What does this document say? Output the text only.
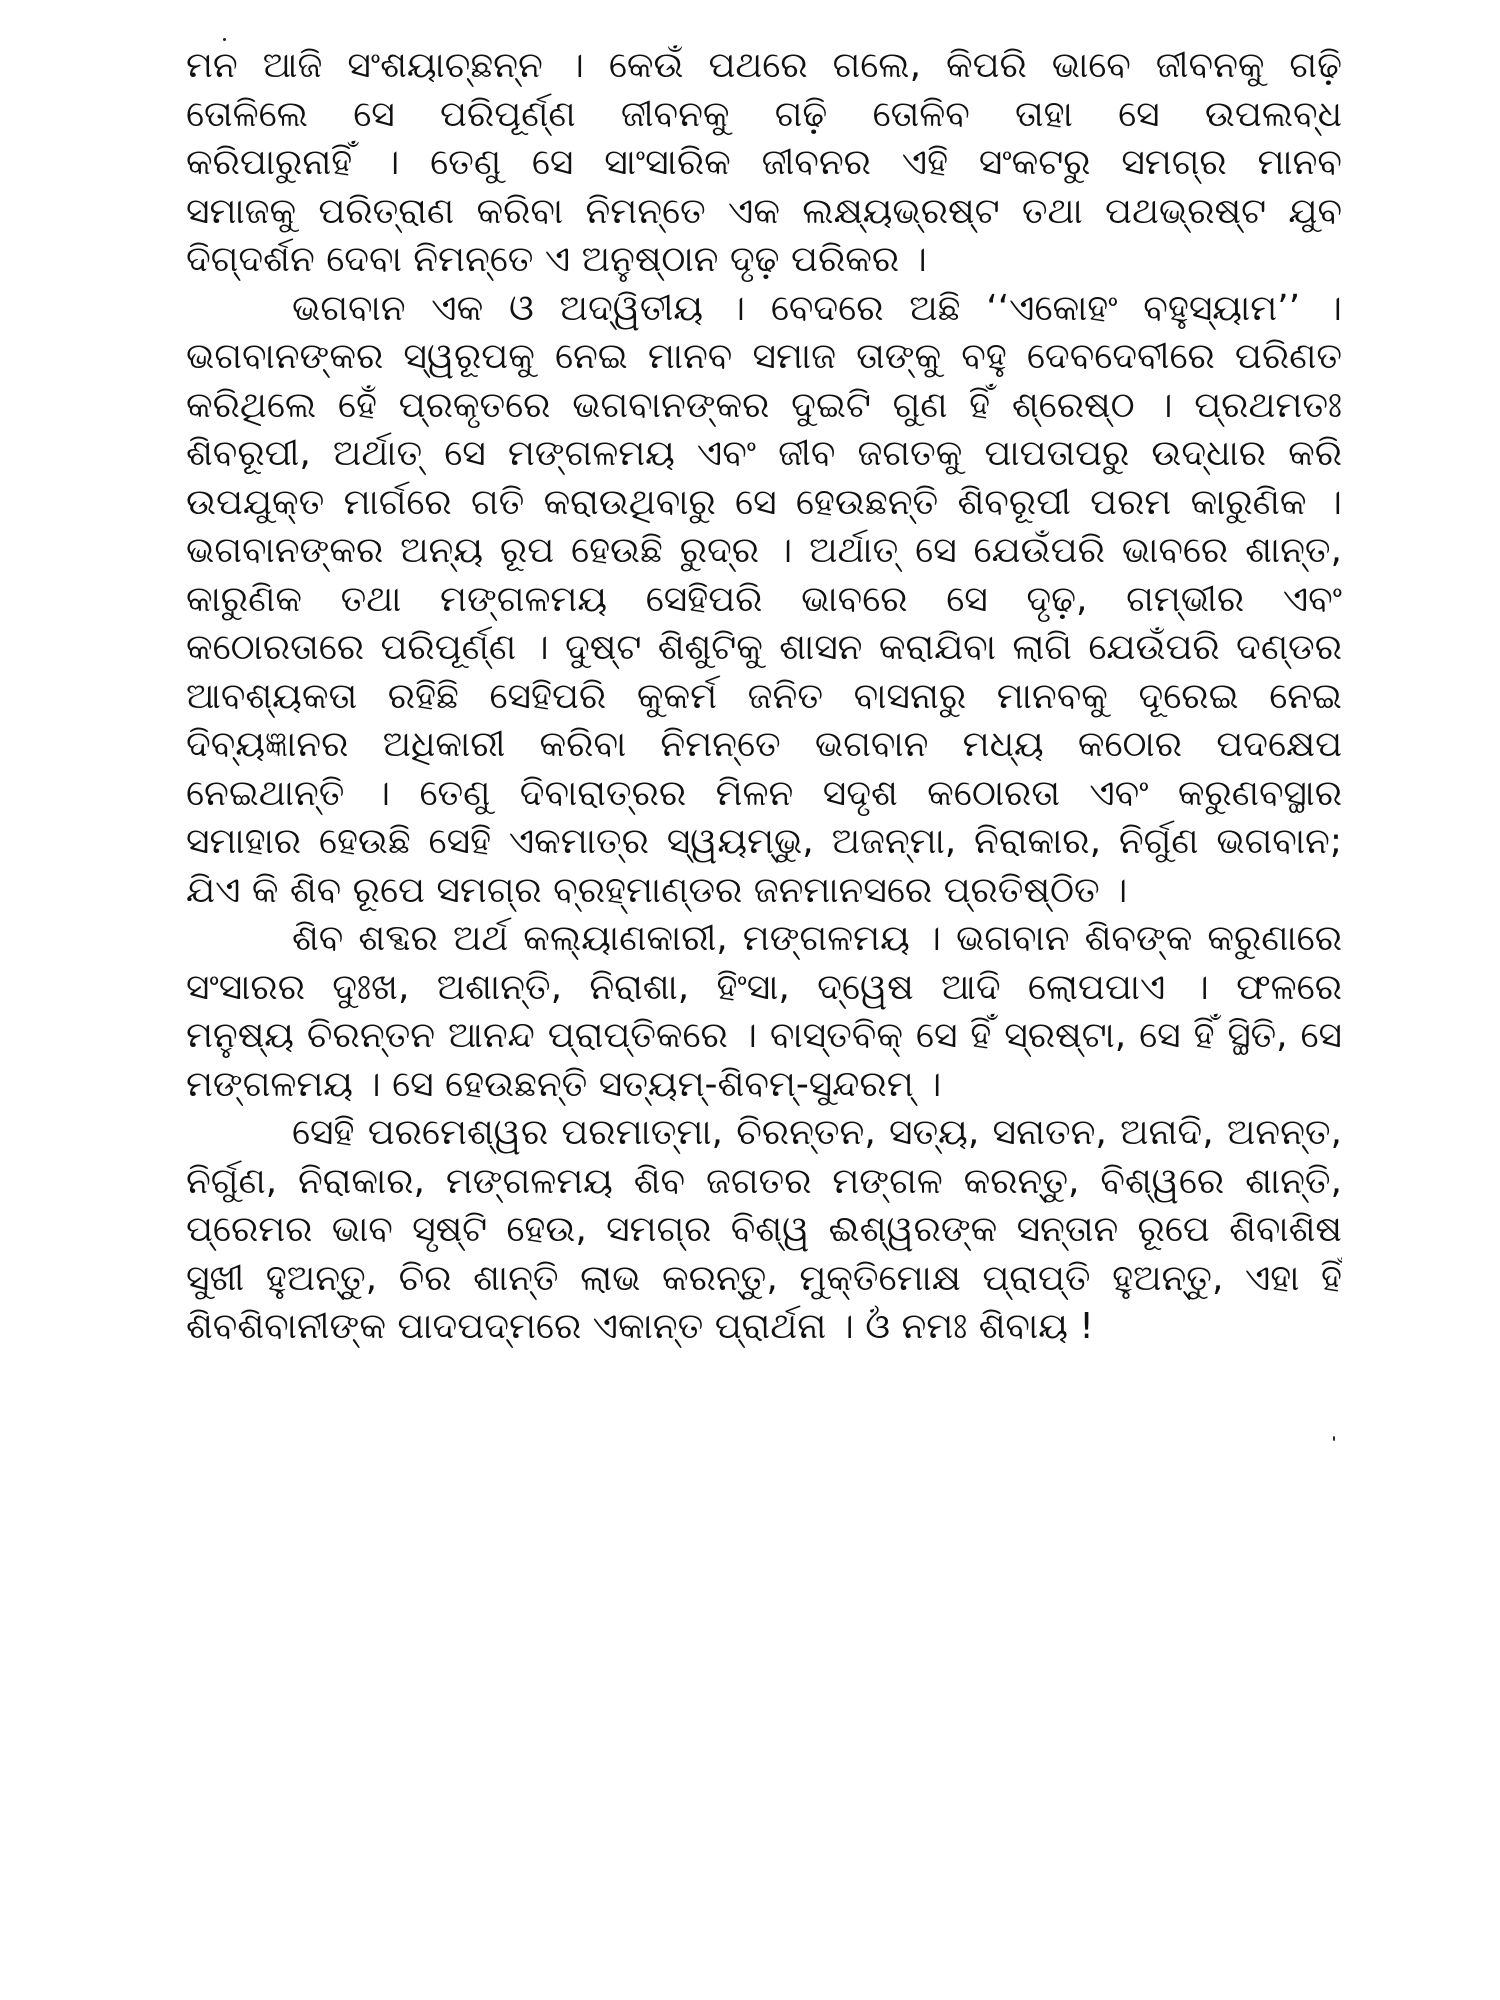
ମନ ଆଜି ସଂଶୟାଚ୍ଛନ୍ନ । କେଉଁ ପଥରେ ଗଲେ, କିପରି ଭାବେ ଜୀବନକୁ ଗଢ଼ି
ତୋଳିଲେ ସେ ପରିପୂର୍ଣ୍ଣ ଜୀବନକୁ ଗଢ଼ି ତୋଳିବ ତାହା ସେ ଉପଲବ୍ଧ
କରିପାରୁନାହିଁ । ତେଣୁ ସେ ସାଂସାରିକ ଜୀବନର ଏହି ସଂକଟରୁ ସମଗ୍ର ମାନବ
ସମାଜକୁ ପରିତ୍ରାଣ କରିବା ନିମନ୍ତେ ଏକ ଲକ୍ଷ୍ୟଭ୍ରଷ୍ଟ ତଥା ପଥଭ୍ରଷ୍ଟ ଯୁବ
ଦିଗ୍‌ଦର୍ଶନ ଦେବା ନିମନ୍ତେ ଏ ଅନୁଷ୍ଠାନ ଦୃଢ଼ ପରିକର ।
ଭଗବାନ ଏକ ଓ ଅଦ୍ୱିତୀୟ । ବେଦରେ ଅଛି ‘‘ଏକୋହଂ ବହୁସ୍ୟାମ’’ ।
ଭଗବାନଙ୍କର ସ୍ୱରୂପକୁ ନେଇ ମାନବ ସମାଜ ତାଙ୍କୁ ବହୁ ଦେବଦେବୀରେ ପରିଣତ
କରିଥିଲେ ହେଁ ପ୍ରକୃତରେ ଭଗବାନଙ୍କର ଦୁଇଟି ଗୁଣ ହିଁ ଶ୍ରେଷ୍ଠ । ପ୍ରଥମତଃ
ଶିବରୂପୀ, ଅର୍ଥାତ୍ ସେ ମଙ୍ଗଳମୟ ଏବଂ ଜୀବ ଜଗତକୁ ପାପତାପରୁ ଉଦ୍ଧାର କରି
ଉପଯୁକ୍ତ ମାର୍ଗରେ ଗତି କରାଉଥିବାରୁ ସେ ହେଉଛନ୍ତି ଶିବରୂପୀ ପରମ କାରୁଣିକ ।
ଭଗବାନଙ୍କର ଅନ୍ୟ ରୂପ ହେଉଛି ରୁଦ୍ର । ଅର୍ଥାତ୍ ସେ ଯେଉଁପରି ଭାବରେ ଶାନ୍ତ,
କାରୁଣିକ ତଥା ମଙ୍ଗଳମୟ ସେହିପରି ଭାବରେ ସେ ଦୃଢ଼, ଗମ୍ଭୀର ଏବଂ
କଠୋରତାରେ ପରିପୂର୍ଣ୍ଣ । ଦୁଷ୍ଟ ଶିଶୁଟିକୁ ଶାସନ କରାଯିବା ଲାଗି ଯେଉଁପରି ଦଣ୍ଡର
ଆବଶ୍ୟକତା ରହିଛି ସେହିପରି କୁକର୍ମ ଜନିତ ବାସନାରୁ ମାନବକୁ ଦୂରେଇ ନେଇ
ଦିବ୍ୟଜ୍ଞାନର ଅଧିକାରୀ କରିବା ନିମନ୍ତେ ଭଗବାନ ମଧ୍ୟ କଠୋର ପଦକ୍ଷେପ
ନେଇଥାନ୍ତି । ତେଣୁ ଦିବାରାତ୍ରର ମିଳନ ସଦୃଶ କଠୋରତା ଏବଂ କରୁଣବସ୍ଥାର
ସମାହାର ହେଉଛି ସେହି ଏକମାତ୍ର ସ୍ୱୟମ୍ଭୁ, ଅଜନ୍ମା, ନିରାକାର, ନିର୍ଗୁଣ ଭଗବାନ;
ଯିଏ କି ଶିବ ରୂପେ ସମଗ୍ର ବ୍ରହ୍ମାଣ୍ଡର ଜନମାନସରେ ପ୍ରତିଷ୍ଠିତ ।
ଶିବ ଶବ୍ଦର ଅର୍ଥ କଲ୍ୟାଣକାରୀ, ମଙ୍ଗଳମୟ । ଭଗବାନ ଶିବଙ୍କ କରୁଣାରେ
ସଂସାରର ଦୁଃଖ, ଅଶାନ୍ତି, ନିରାଶା, ହିଂସା, ଦ୍ୱେଷ ଆଦି ଲୋପପାଏ । ଫଳରେ
ମନୁଷ୍ୟ ଚିରନ୍ତନ ଆନନ୍ଦ ପ୍ରାପ୍ତିକରେ । ବାସ୍ତବିକ୍ ସେ ହିଁ ସ୍ରଷ୍ଟା, ସେ ହିଁ ସ୍ଥିତି, ସେ
ମଙ୍ଗଳମୟ । ସେ ହେଉଛନ୍ତି ସତ୍ୟମ୍-ଶିବମ୍-ସୁନ୍ଦରମ୍ ।
ସେହି ପରମେଶ୍ୱର ପରମାତ୍ମା, ଚିରନ୍ତନ, ସତ୍ୟ, ସନାତନ, ଅନାଦି, ଅନନ୍ତ,
ନିର୍ଗୁଣ, ନିରାକାର, ମଙ୍ଗଳମୟ ଶିବ ଜଗତର ମଙ୍ଗଳ କରନ୍ତୁ, ବିଶ୍ୱରେ ଶାନ୍ତି,
ପ୍ରେମର ଭାବ ସୃଷ୍ଟି ହେଉ, ସମଗ୍ର ବିଶ୍ୱ ଈଶ୍ୱରଙ୍କ ସନ୍ତାନ ରୂପେ ଶିବାଶିଷ
ସୁଖୀ ହୁଅନ୍ତୁ, ଚିର ଶାନ୍ତି ଲାଭ କରନ୍ତୁ, ମୁକ୍ତିମୋକ୍ଷ ପ୍ରାପ୍ତି ହୁଅନ୍ତୁ, ଏହା ହିଁ
ଶିବଶିବାନୀଙ୍କ ପାଦପଦ୍ମରେ ଏକାନ୍ତ ପ୍ରାର୍ଥନା । ଓଁ ନମଃ ଶିବାୟ !
